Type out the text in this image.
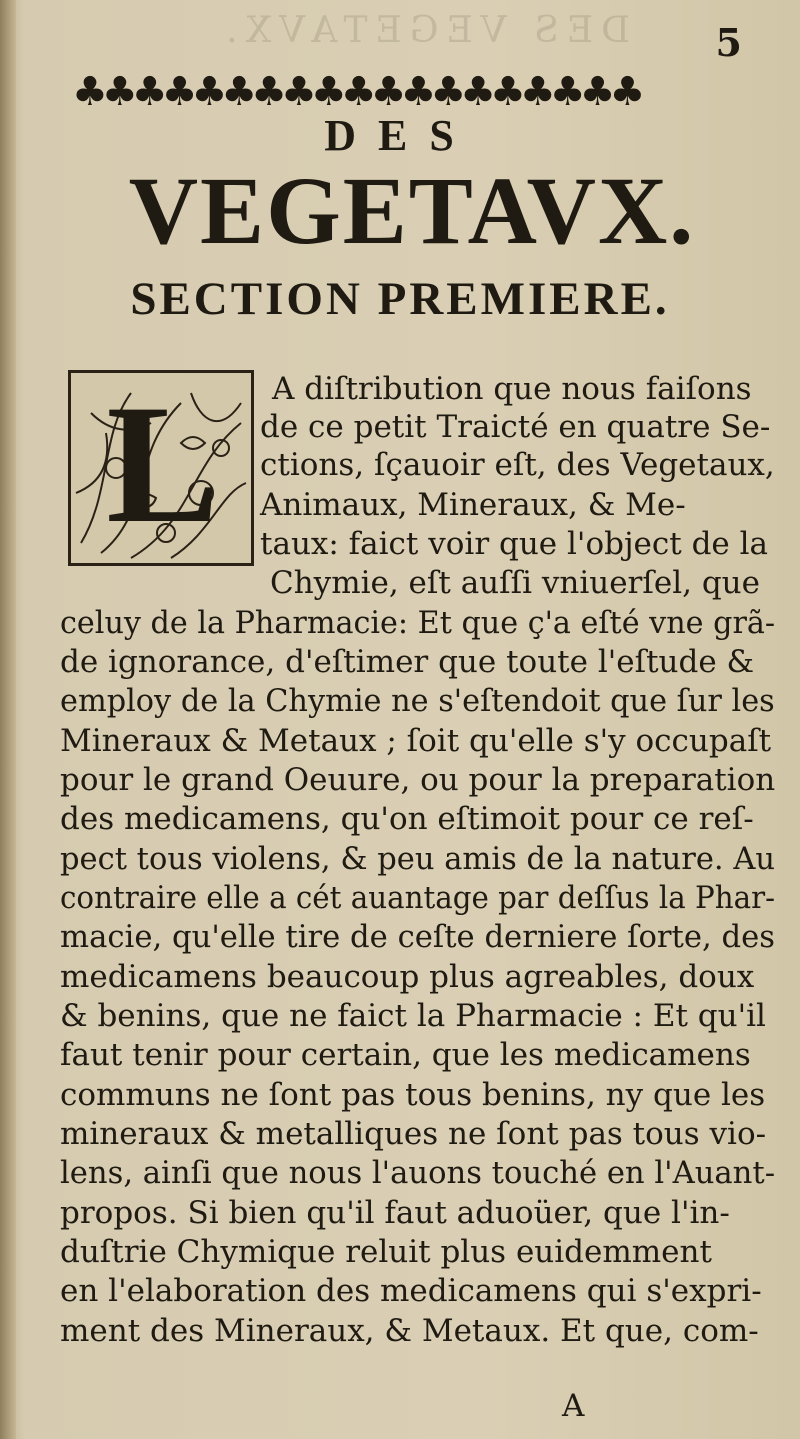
DES VEGETAVX. 5
♣♣♣♣♣♣♣♣♣♣♣♣♣♣♣♣♣♣♣
DES
VEGETAVX.
SECTION PREMIERE.
L A diſtribution que nous faiſons
de ce petit Traicté en quatre Se-
ctions, ſçauoir eſt, des Vegetaux,
Animaux, Mineraux, & Me-
taux: faict voir que l'object de la
Chymie, eſt auſſi vniuerſel, que
celuy de la Pharmacie: Et que ç'a eſté vne grã-
de ignorance, d'eſtimer que toute l'eſtude &
employ de la Chymie ne s'eſtendoit que ſur les
Mineraux & Metaux ; ſoit qu'elle s'y occupaſt
pour le grand Oeuure, ou pour la preparation
des medicamens, qu'on eſtimoit pour ce reſ-
pect tous violens, & peu amis de la nature. Au
contraire elle a cét auantage par deſſus la Phar-
macie, qu'elle tire de ceſte derniere ſorte, des
medicamens beaucoup plus agreables, doux
& benins, que ne faict la Pharmacie : Et qu'il
faut tenir pour certain, que les medicamens
communs ne ſont pas tous benins, ny que les
mineraux & metalliques ne ſont pas tous vio-
lens, ainſi que nous l'auons touché en l'Auant-
propos. Si bien qu'il faut aduoüer, que l'in-
duſtrie Chymique reluit plus euidemment
en l'elaboration des medicamens qui s'expri-
ment des Mineraux, & Metaux. Et que, com-
A
